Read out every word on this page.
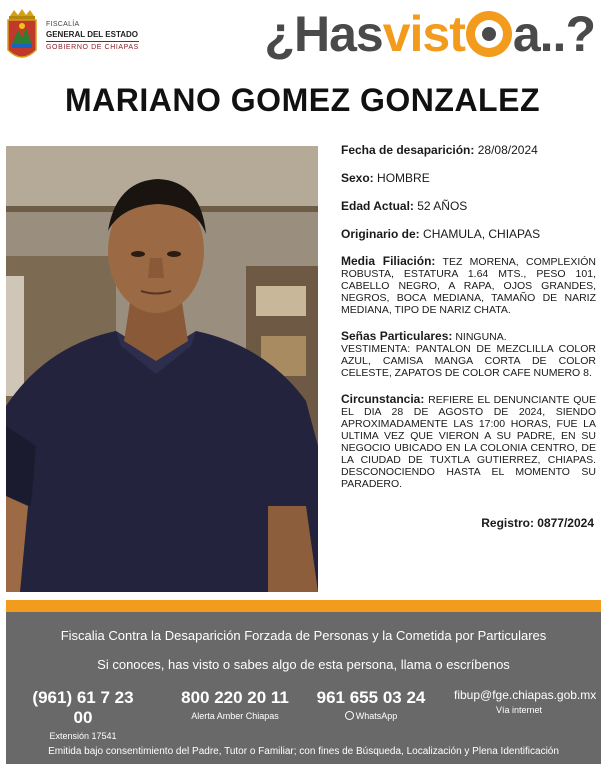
FISCALÍA
GENERAL DEL ESTADO
GOBIERNO DE CHIAPAS	¿Hasvist a..?
MARIANO GOMEZ GONZALEZ
Fecha de desaparición: 28/08/2024
Sexo: HOMBRE
Edad Actual: 52 AÑOS
Originario de: CHAMULA, CHIAPAS
Media Filiación: TEZ MORENA, COMPLEXIÓN ROBUSTA, ESTATURA 1.64 MTS., PESO 101, CABELLO NEGRO, A RAPA, OJOS GRANDES, NEGROS, BOCA MEDIANA, TAMAÑO DE NARIZ MEDIANA, TIPO DE NARIZ CHATA.
Señas Particulares: NINGUNA.
VESTIMENTA: PANTALON DE MEZCLILLA COLOR AZUL, CAMISA MANGA CORTA DE COLOR CELESTE, ZAPATOS DE COLOR CAFE NUMERO 8.
Circunstancia: REFIERE EL DENUNCIANTE QUE EL DIA 28 DE AGOSTO DE 2024, SIENDO APROXIMADAMENTE LAS 17:00 HORAS, FUE LA ULTIMA VEZ QUE VIERON A SU PADRE, EN SU NEGOCIO UBICADO EN LA COLONIA CENTRO, DE LA CIUDAD DE TUXTLA GUTIERREZ, CHIAPAS. DESCONOCIENDO HASTA EL MOMENTO SU PARADERO.
Registro: 0877/2024
Fiscalia Contra la Desaparición Forzada de Personas y la Cometida por Particulares
Si conoces, has visto o sabes algo de esta persona, llama o escríbenos
(961) 61 7 23 00
Extensión 17541
800 220 20 11
Alerta Amber Chiapas
961 655 03 24
WhatsApp
fibup@fge.chiapas.gob.mx
Vía internet
Emitida bajo consentimiento del Padre, Tutor o Familiar; con fines de Búsqueda, Localización y Plena Identificación
